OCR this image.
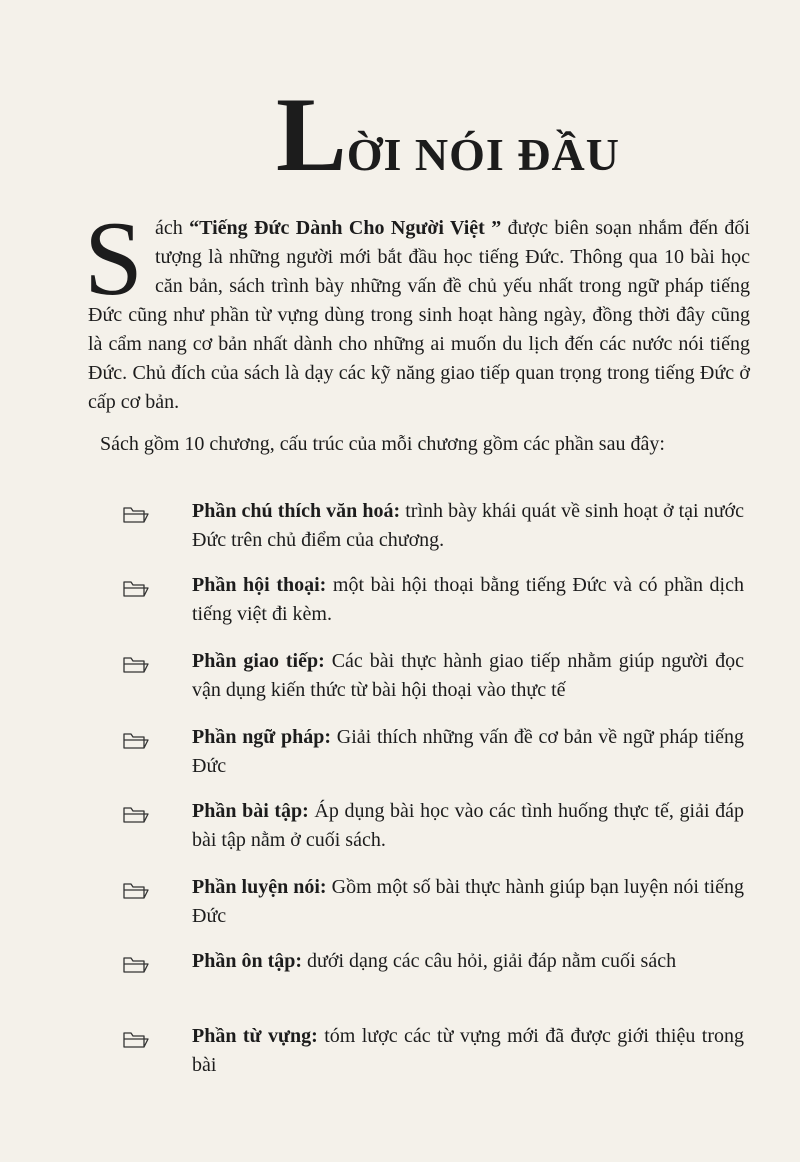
LỜI NÓI ĐẦU
Sách “Tiếng Đức Dành Cho Người Việt ” được biên soạn nhắm đến đối tượng là những người mới bắt đầu học tiếng Đức. Thông qua 10 bài học căn bản, sách trình bày những vấn đề chủ yếu nhất trong ngữ pháp tiếng Đức cũng như phần từ vựng dùng trong sinh hoạt hàng ngày, đồng thời đây cũng là cẩm nang cơ bản nhất dành cho những ai muốn du lịch đến các nước nói tiếng Đức. Chủ đích của sách là dạy các kỹ năng giao tiếp quan trọng trong tiếng Đức ở cấp cơ bản.
Sách gồm 10 chương, cấu trúc của mỗi chương gồm các phần sau đây:
Phần chú thích văn hoá: trình bày khái quát về sinh hoạt ở tại nước Đức trên chủ điểm của chương.
Phần hội thoại: một bài hội thoại bằng tiếng Đức và có phần dịch tiếng việt đi kèm.
Phần giao tiếp: Các bài thực hành giao tiếp nhằm giúp người đọc vận dụng kiến thức từ bài hội thoại vào thực tế
Phần ngữ pháp: Giải thích những vấn đề cơ bản về ngữ pháp tiếng Đức
Phần bài tập: Áp dụng bài học vào các tình huống thực tế, giải đáp bài tập nằm ở cuối sách.
Phần luyện nói: Gồm một số bài thực hành giúp bạn luyện nói tiếng Đức
Phần ôn tập: dưới dạng các câu hỏi, giải đáp nằm cuối sách
Phần từ vựng: tóm lược các từ vựng mới đã được giới thiệu trong bài
